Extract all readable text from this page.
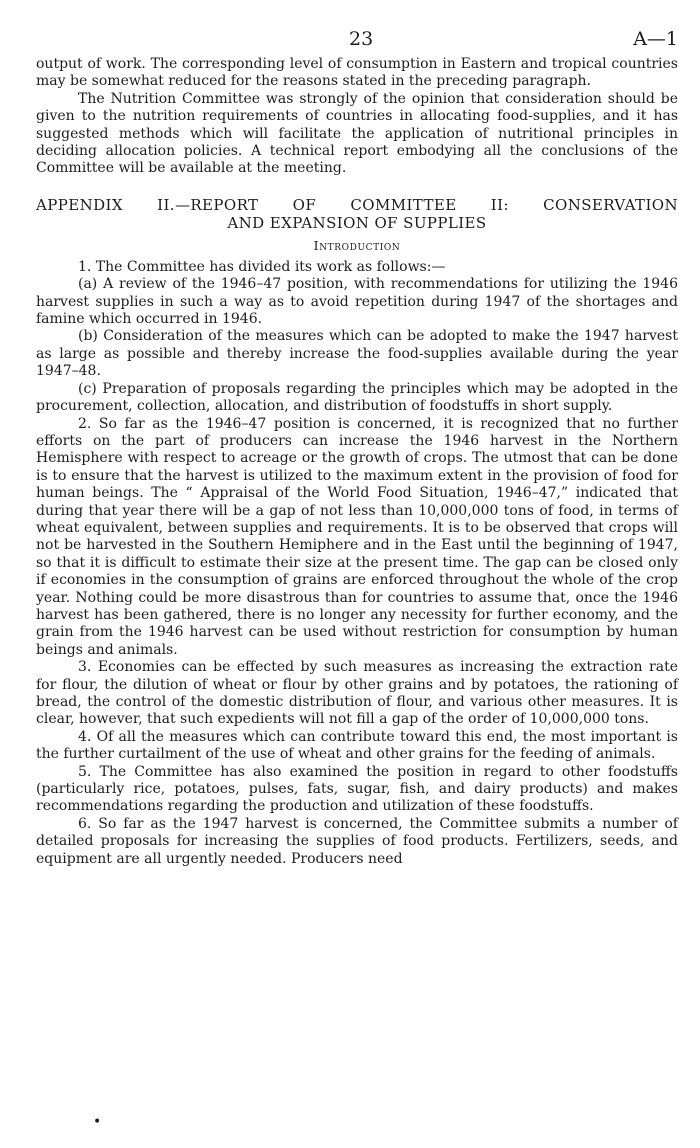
23	A—1

output of work. The corresponding level of consumption in Eastern and tropical countries may be somewhat reduced for the reasons stated in the preceding paragraph.

The Nutrition Committee was strongly of the opinion that consideration should be given to the nutrition requirements of countries in allocating food-supplies, and it has suggested methods which will facilitate the application of nutritional principles in deciding allocation policies. A technical report embodying all the conclusions of the Committee will be available at the meeting.

APPENDIX II.—REPORT OF COMMITTEE II: CONSERVATION
AND EXPANSION OF SUPPLIES
Introduction

1. The Committee has divided its work as follows:—

(a) A review of the 1946–47 position, with recommendations for utilizing the 1946 harvest supplies in such a way as to avoid repetition during 1947 of the shortages and famine which occurred in 1946.

(b) Consideration of the measures which can be adopted to make the 1947 harvest as large as possible and thereby increase the food-supplies available during the year 1947–48.

(c) Preparation of proposals regarding the principles which may be adopted in the procurement, collection, allocation, and distribution of foodstuffs in short supply.

2. So far as the 1946–47 position is concerned, it is recognized that no further efforts on the part of producers can increase the 1946 harvest in the Northern Hemisphere with respect to acreage or the growth of crops. The utmost that can be done is to ensure that the harvest is utilized to the maximum extent in the provision of food for human beings. The “ Appraisal of the World Food Situation, 1946–47,” indicated that during that year there will be a gap of not less than 10,000,000 tons of food, in terms of wheat equivalent, between supplies and requirements. It is to be observed that crops will not be harvested in the Southern Hemiphere and in the East until the beginning of 1947, so that it is difficult to estimate their size at the present time. The gap can be closed only if economies in the consumption of grains are enforced throughout the whole of the crop year. Nothing could be more disastrous than for countries to assume that, once the 1946 harvest has been gathered, there is no longer any necessity for further economy, and the grain from the 1946 harvest can be used without restriction for consumption by human beings and animals.

3. Economies can be effected by such measures as increasing the extraction rate for flour, the dilution of wheat or flour by other grains and by potatoes, the rationing of bread, the control of the domestic distribution of flour, and various other measures. It is clear, however, that such expedients will not fill a gap of the order of 10,000,000 tons.

4. Of all the measures which can contribute toward this end, the most important is the further curtailment of the use of wheat and other grains for the feeding of animals.

5. The Committee has also examined the position in regard to other foodstuffs (particularly rice, potatoes, pulses, fats, sugar, fish, and dairy products) and makes recommendations regarding the production and utilization of these foodstuffs.

6. So far as the 1947 harvest is concerned, the Committee submits a number of detailed proposals for increasing the supplies of food products. Fertilizers, seeds, and equipment are all urgently needed. Producers need

•
